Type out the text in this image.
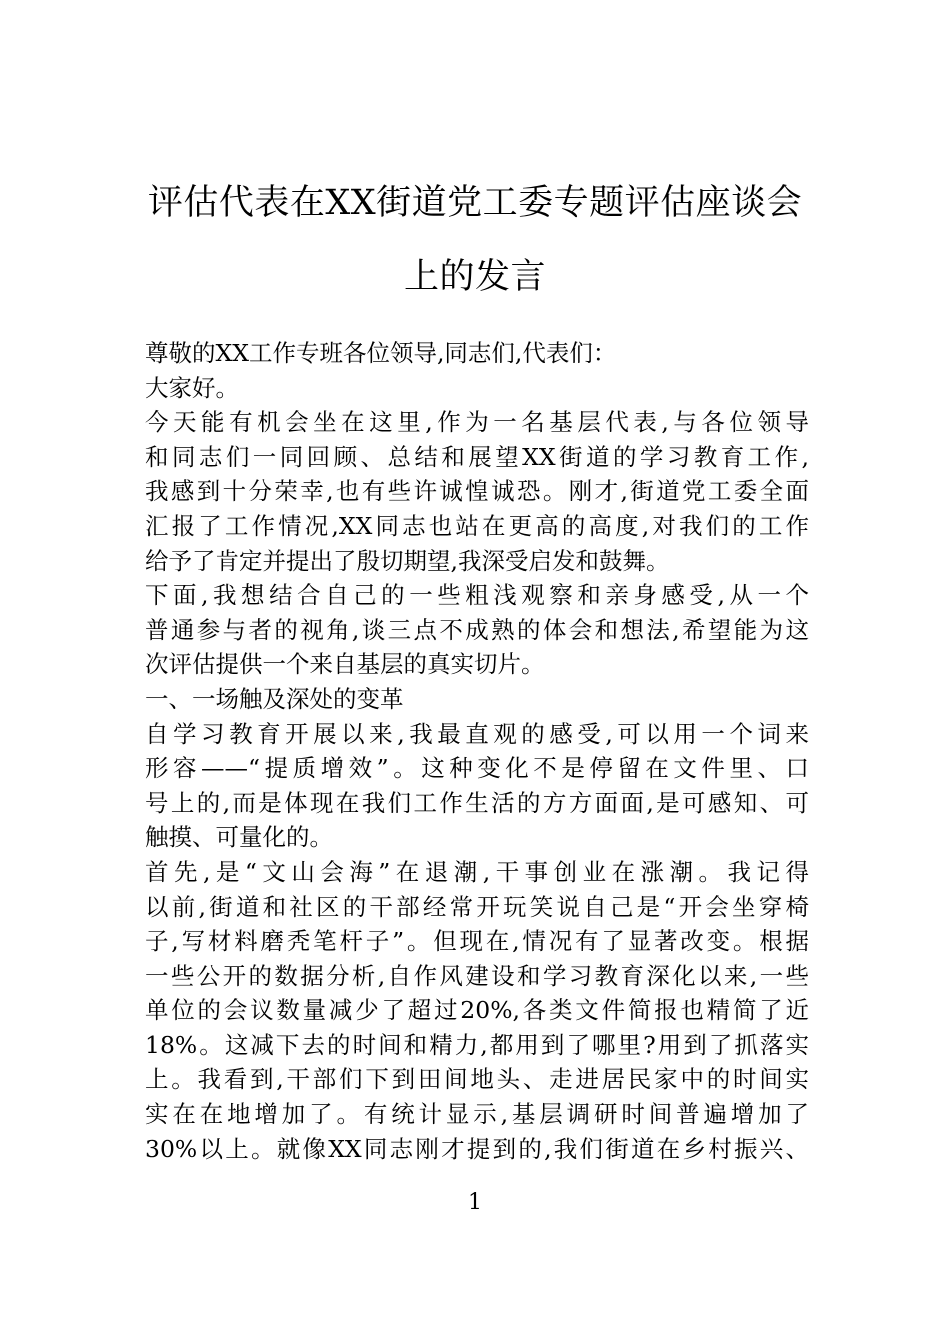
评估代表在XX街道党工委专题评估座谈会
上的发言

尊敬的XX工作专班各位领导,同志们,代表们：

大家好。

今天能有机会坐在这里,作为一名基层代表,与各位领导

和同志们一同回顾、总结和展望XX街道的学习教育工作,
我感到十分荣幸,也有些许诚惶诚恐。刚才,街道党工委全面
汇报了工作情况,XX同志也站在更高的高度,对我们的工作
给予了肯定并提出了殷切期望,我深受启发和鼓舞。

下面,我想结合自己的一些粗浅观察和亲身感受,从一个

普通参与者的视角,谈三点不成熟的体会和想法,希望能为这
次评估提供一个来自基层的真实切片。

一、一场触及深处的变革

自学习教育开展以来,我最直观的感受,可以用一个词来

形容——“提质增效”。这种变化不是停留在文件里、口
号上的,而是体现在我们工作生活的方方面面,是可感知、可
触摸、可量化的。

首先,是“文山会海”在退潮,干事创业在涨潮。我记得

以前,街道和社区的干部经常开玩笑说自己是“开会坐穿椅
子,写材料磨秃笔杆子”。但现在,情况有了显著改变。根据
一些公开的数据分析,自作风建设和学习教育深化以来,一些
单位的会议数量减少了超过20%,各类文件简报也精简了近
18%。这减下去的时间和精力,都用到了哪里?用到了抓落实
上。我看到,干部们下到田间地头、走进居民家中的时间实
实在在地增加了。有统计显示,基层调研时间普遍增加了
30%以上。就像XX同志刚才提到的,我们街道在乡村振兴、

1
